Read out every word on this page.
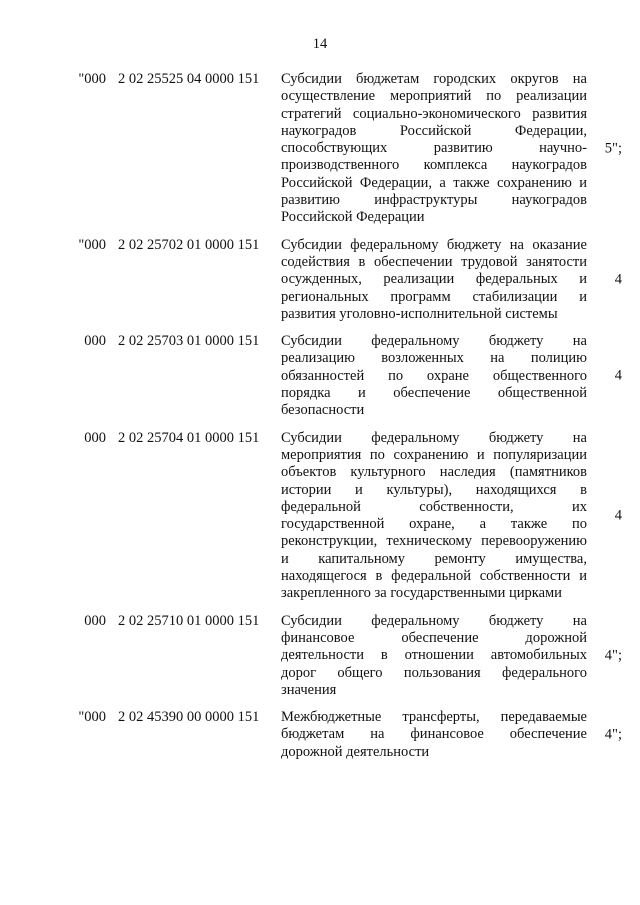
14
"000 2 02 25525 04 0000 151 Субсидии бюджетам городских округов на
осуществление мероприятий по реализации
стратегий социально-экономического развития
наукоградов Российской Федерации,
способствующих развитию научно-
производственного комплекса наукоградов
Российской Федерации, а также сохранению и
развитию инфраструктуры наукоградов
Российской Федерации
5";
"000 2 02 25702 01 0000 151 Субсидии федеральному бюджету на оказание
содействия в обеспечении трудовой занятости
осужденных, реализации федеральных и
региональных программ стабилизации и
развития уголовно-исполнительной системы
4
000 2 02 25703 01 0000 151 Субсидии федеральному бюджету на
реализацию возложенных на полицию
обязанностей по охране общественного
порядка и обеспечение общественной
безопасности
4
000 2 02 25704 01 0000 151 Субсидии федеральному бюджету на
мероприятия по сохранению и популяризации
объектов культурного наследия (памятников
истории и культуры), находящихся в
федеральной собственности, их
государственной охране, а также по
реконструкции, техническому перевооружению
и капитальному ремонту имущества,
находящегося в федеральной собственности и
закрепленного за государственными цирками
4
000 2 02 25710 01 0000 151 Субсидии федеральному бюджету на
финансовое обеспечение дорожной
деятельности в отношении автомобильных
дорог общего пользования федерального
значения
4";
"000 2 02 45390 00 0000 151 Межбюджетные трансферты, передаваемые
бюджетам на финансовое обеспечение
дорожной деятельности
4";
